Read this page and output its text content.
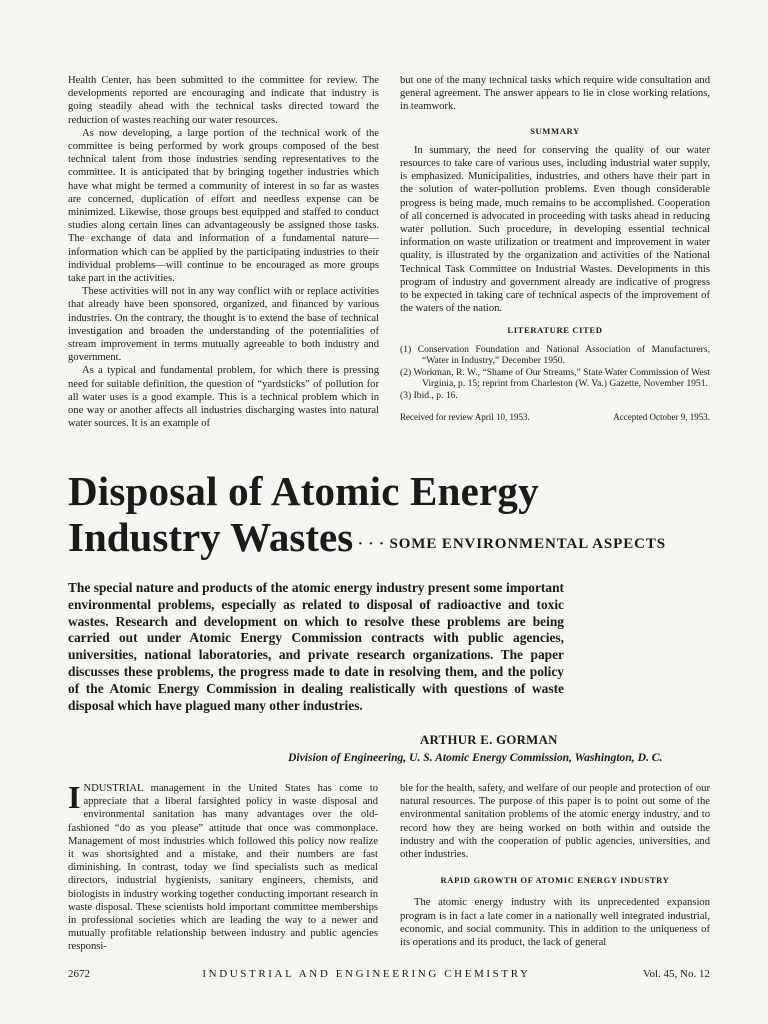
Health Center, has been submitted to the committee for review. The developments reported are encouraging and indicate that industry is going steadily ahead with the technical tasks directed toward the reduction of wastes reaching our water resources.

As now developing, a large portion of the technical work of the committee is being performed by work groups composed of the best technical talent from those industries sending representatives to the committee. It is anticipated that by bringing together industries which have what might be termed a community of interest in so far as wastes are concerned, duplication of effort and needless expense can be minimized. Likewise, those groups best equipped and staffed to conduct studies along certain lines can advantageously be assigned those tasks. The exchange of data and information of a fundamental nature—information which can be applied by the participating industries to their individual problems—will continue to be encouraged as more groups take part in the activities.

These activities will not in any way conflict with or replace activities that already have been sponsored, organized, and financed by various industries. On the contrary, the thought is to extend the base of technical investigation and broaden the understanding of the potentialities of stream improvement in terms mutually agreeable to both industry and government.

As a typical and fundamental problem, for which there is pressing need for suitable definition, the question of “yardsticks” of pollution for all water uses is a good example. This is a technical problem which in one way or another affects all industries discharging wastes into natural water sources. It is an example of

but one of the many technical tasks which require wide consultation and general agreement. The answer appears to lie in close working relations, in teamwork.

SUMMARY

In summary, the need for conserving the quality of our water resources to take care of various uses, including industrial water supply, is emphasized. Municipalities, industries, and others have their part in the solution of water-pollution problems. Even though considerable progress is being made, much remains to be accomplished. Cooperation of all concerned is advocated in proceeding with tasks ahead in reducing water pollution. Such procedure, in developing essential technical information on waste utilization or treatment and improvement in water quality, is illustrated by the organization and activities of the National Technical Task Committee on Industrial Wastes. Developments in this program of industry and government already are indicative of progress to be expected in taking care of technical aspects of the improvement of the waters of the nation.

LITERATURE CITED
(1) Conservation Foundation and National Association of Manufacturers, “Water in Industry,” December 1950.
(2) Workman, R. W., “Shame of Our Streams,” State Water Commission of West Virginia, p. 15; reprint from Charleston (W. Va.) Gazette, November 1951.
(3) Ibid., p. 16.
Received for review April 10, 1953.	Accepted October 9, 1953.
Disposal of Atomic Energy
Industry Wastes · · · SOME ENVIRONMENTAL ASPECTS

The special nature and products of the atomic energy industry present some important environmental problems, especially as related to disposal of radioactive and toxic wastes. Research and development on which to resolve these problems are being carried out under Atomic Energy Commission contracts with public agencies, universities, national laboratories, and private research organizations. The paper discusses these problems, the progress made to date in resolving them, and the policy of the Atomic Energy Commission in dealing realistically with questions of waste disposal which have plagued many other industries.

ARTHUR E. GORMAN
Division of Engineering, U. S. Atomic Energy Commission, Washington, D. C.

INDUSTRIAL management in the United States has come to appreciate that a liberal farsighted policy in waste disposal and environmental sanitation has many advantages over the old-fashioned “do as you please” attitude that once was commonplace. Management of most industries which followed this policy now realize it was shortsighted and a mistake, and their numbers are fast diminishing. In contrast, today we find specialists such as medical directors, industrial hygienists, sanitary engineers, chemists, and biologists in industry working together conducting important research in waste disposal. These scientists hold important committee memberships in professional societies which are leading the way to a newer and mutually profitable relationship between industry and public agencies responsi-

ble for the health, safety, and welfare of our people and protection of our natural resources. The purpose of this paper is to point out some of the environmental sanitation problems of the atomic energy industry, and to record how they are being worked on both within and outside the industry and with the cooperation of public agencies, universities, and other industries.

RAPID GROWTH OF ATOMIC ENERGY INDUSTRY

The atomic energy industry with its unprecedented expansion program is in fact a late comer in a nationally well integrated industrial, economic, and social community. This in addition to the uniqueness of its operations and its product, the lack of general

2672	INDUSTRIAL AND ENGINEERING CHEMISTRY	Vol. 45, No. 12
